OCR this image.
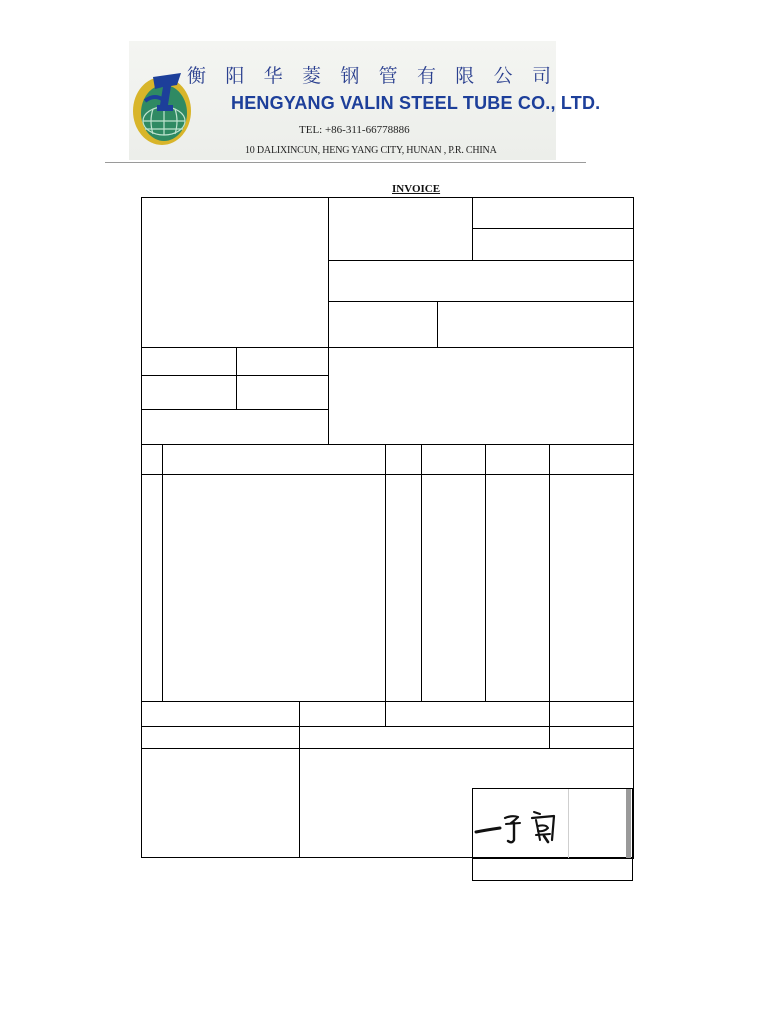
衡 阳 华 菱 钢 管 有 限 公 司
HENGYANG VALIN STEEL TUBE CO., LTD.
TEL: +86-311-66778886
10 DALIXINCUN, HENG YANG CITY, HUNAN , P.R. CHINA
INVOICE
